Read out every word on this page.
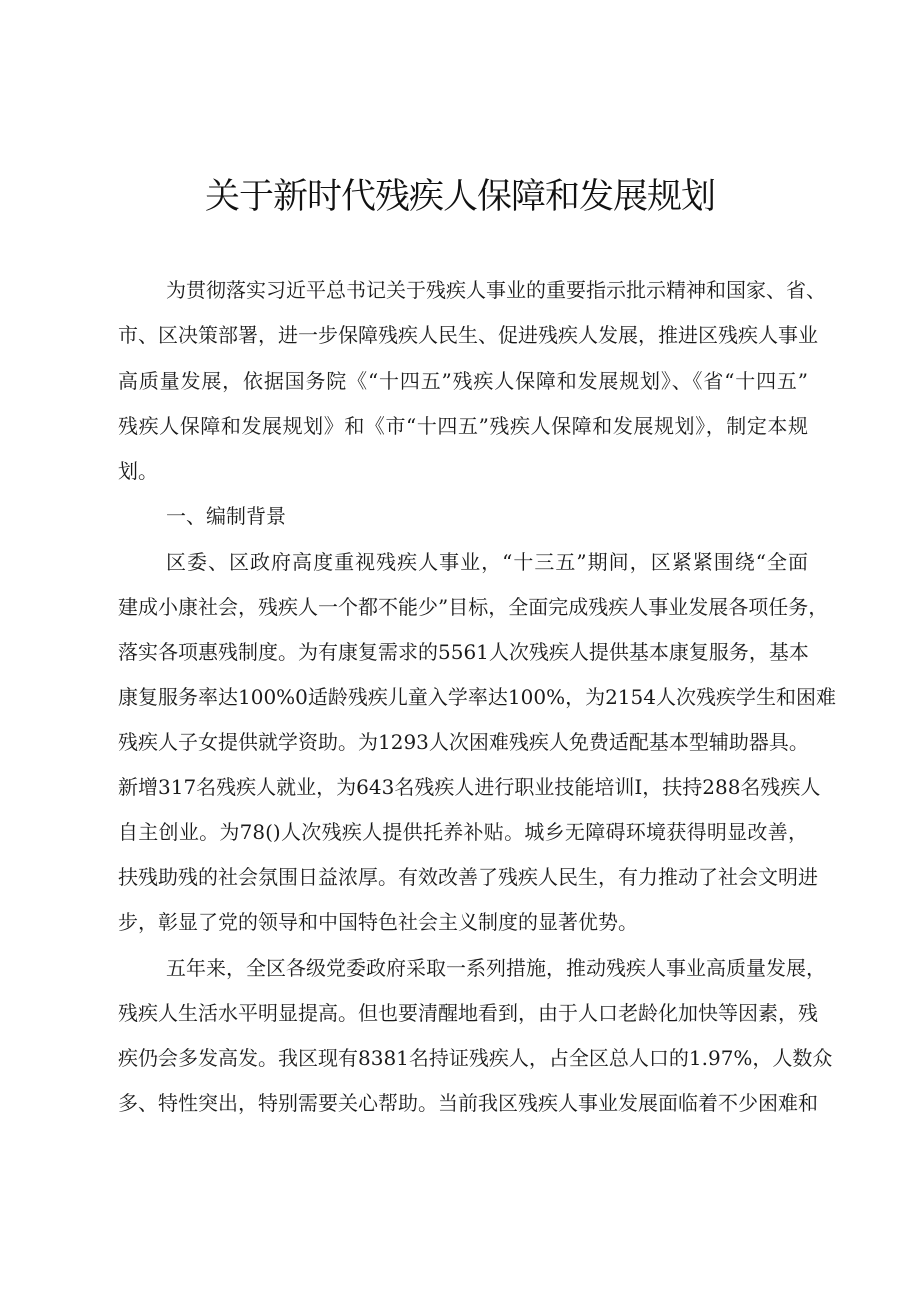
关于新时代残疾人保障和发展规划
为贯彻落实习近平总书记关于残疾人事业的重要指示批示精神和国家、省、
市、区决策部署，进一步保障残疾人民生、促进残疾人发展，推进区残疾人事业
高质量发展，依据国务院《“十四五”残疾人保障和发展规划》、《省“十四五”
残疾人保障和发展规划》和《市“十四五”残疾人保障和发展规划》，制定本规
划。
一、编制背景
区委、区政府高度重视残疾人事业，“十三五”期间，区紧紧围绕“全面
建成小康社会，残疾人一个都不能少”目标，全面完成残疾人事业发展各项任务，
落实各项惠残制度。为有康复需求的5561人次残疾人提供基本康复服务，基本
康复服务率达100%0适龄残疾儿童入学率达100%，为2154人次残疾学生和困难
残疾人子女提供就学资助。为1293人次困难残疾人免费适配基本型辅助器具。
新增317名残疾人就业，为643名残疾人进行职业技能培训I，扶持288名残疾人
自主创业。为78()人次残疾人提供托养补贴。城乡无障碍环境获得明显改善，
扶残助残的社会氛围日益浓厚。有效改善了残疾人民生，有力推动了社会文明进
步，彰显了党的领导和中国特色社会主义制度的显著优势。
五年来，全区各级党委政府采取一系列措施，推动残疾人事业高质量发展，
残疾人生活水平明显提高。但也要清醒地看到，由于人口老龄化加快等因素，残
疾仍会多发高发。我区现有8381名持证残疾人，占全区总人口的1.97%，人数众
多、特性突出，特别需要关心帮助。当前我区残疾人事业发展面临着不少困难和
